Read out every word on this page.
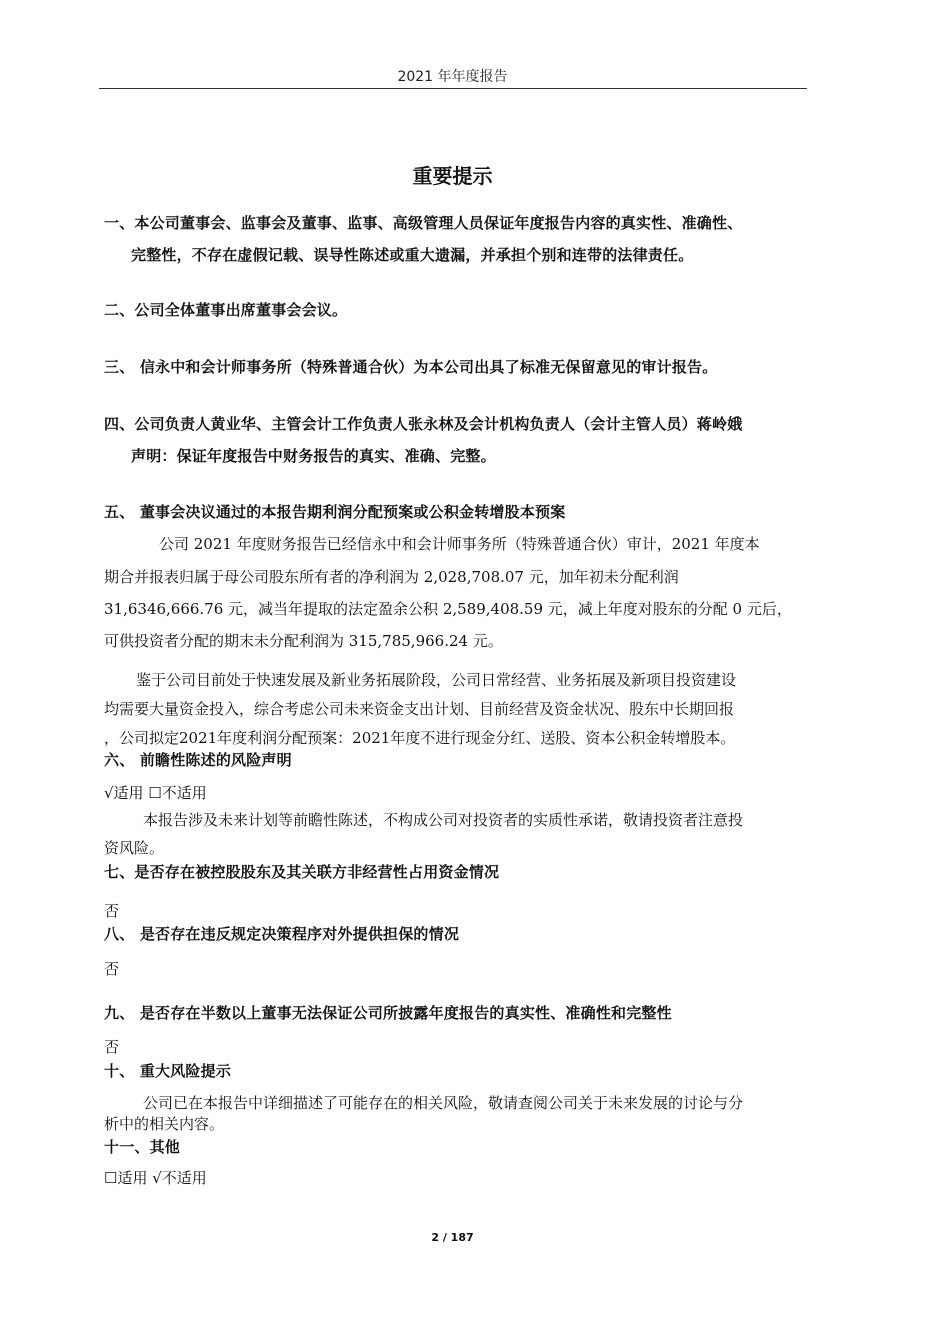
2021 年年度报告
重要提示
一、本公司董事会、监事会及董事、监事、高级管理人员保证年度报告内容的真实性、准确性、
完整性，不存在虚假记载、误导性陈述或重大遗漏，并承担个别和连带的法律责任。
二、公司全体董事出席董事会会议。
三、 信永中和会计师事务所（特殊普通合伙）为本公司出具了标准无保留意见的审计报告。
四、公司负责人黄业华、主管会计工作负责人张永林及会计机构负责人（会计主管人员）蒋岭娥
声明：保证年度报告中财务报告的真实、准确、完整。
五、 董事会决议通过的本报告期利润分配预案或公积金转增股本预案
公司 2021 年度财务报告已经信永中和会计师事务所（特殊普通合伙）审计，2021 年度本
期合并报表归属于母公司股东所有者的净利润为 2,028,708.07 元，加年初未分配利润
31,6346,666.76 元，减当年提取的法定盈余公积 2,589,408.59 元，减上年度对股东的分配 0 元后，
可供投资者分配的期末未分配利润为 315,785,966.24 元。
鉴于公司目前处于快速发展及新业务拓展阶段，公司日常经营、业务拓展及新项目投资建设
均需要大量资金投入，综合考虑公司未来资金支出计划、目前经营及资金状况、股东中长期回报
，公司拟定2021年度利润分配预案：2021年度不进行现金分红、送股、资本公积金转增股本。
六、 前瞻性陈述的风险声明
√适用 ☐不适用
本报告涉及未来计划等前瞻性陈述，不构成公司对投资者的实质性承诺，敬请投资者注意投
资风险。
七、是否存在被控股股东及其关联方非经营性占用资金情况
否
八、 是否存在违反规定决策程序对外提供担保的情况
否
九、 是否存在半数以上董事无法保证公司所披露年度报告的真实性、准确性和完整性
否
十、 重大风险提示
公司已在本报告中详细描述了可能存在的相关风险，敬请查阅公司关于未来发展的讨论与分
析中的相关内容。
十一、其他
☐适用 √不适用
2 / 187
